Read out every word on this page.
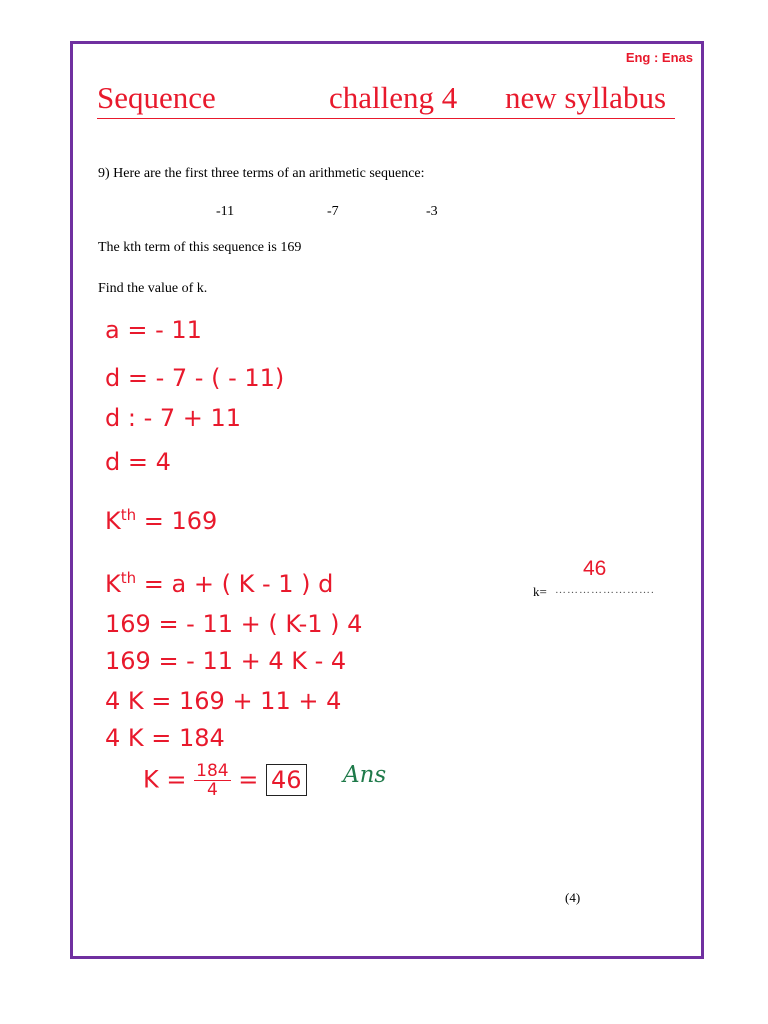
Eng : Enas
Sequence	challeng 4 new syllabus
9) Here are the first three terms of an arithmetic sequence:
-11	-7	-3
The kth term of this sequence is 169
Find the value of k.
a = - 11
d = - 7 - ( - 11)
d : - 7 + 11
d = 4
$K^{th} = 169$
$K^{th} = a$ + ( K - 1 ) d
169 = - 11 + ( K-1 ) 4
169 = - 11 + 4 K - 4
4 K = 169 + 11 + 4
4 K = 184
$K = \frac{184}{4} = 46$ Ans
46
k= …………………….
(4)
